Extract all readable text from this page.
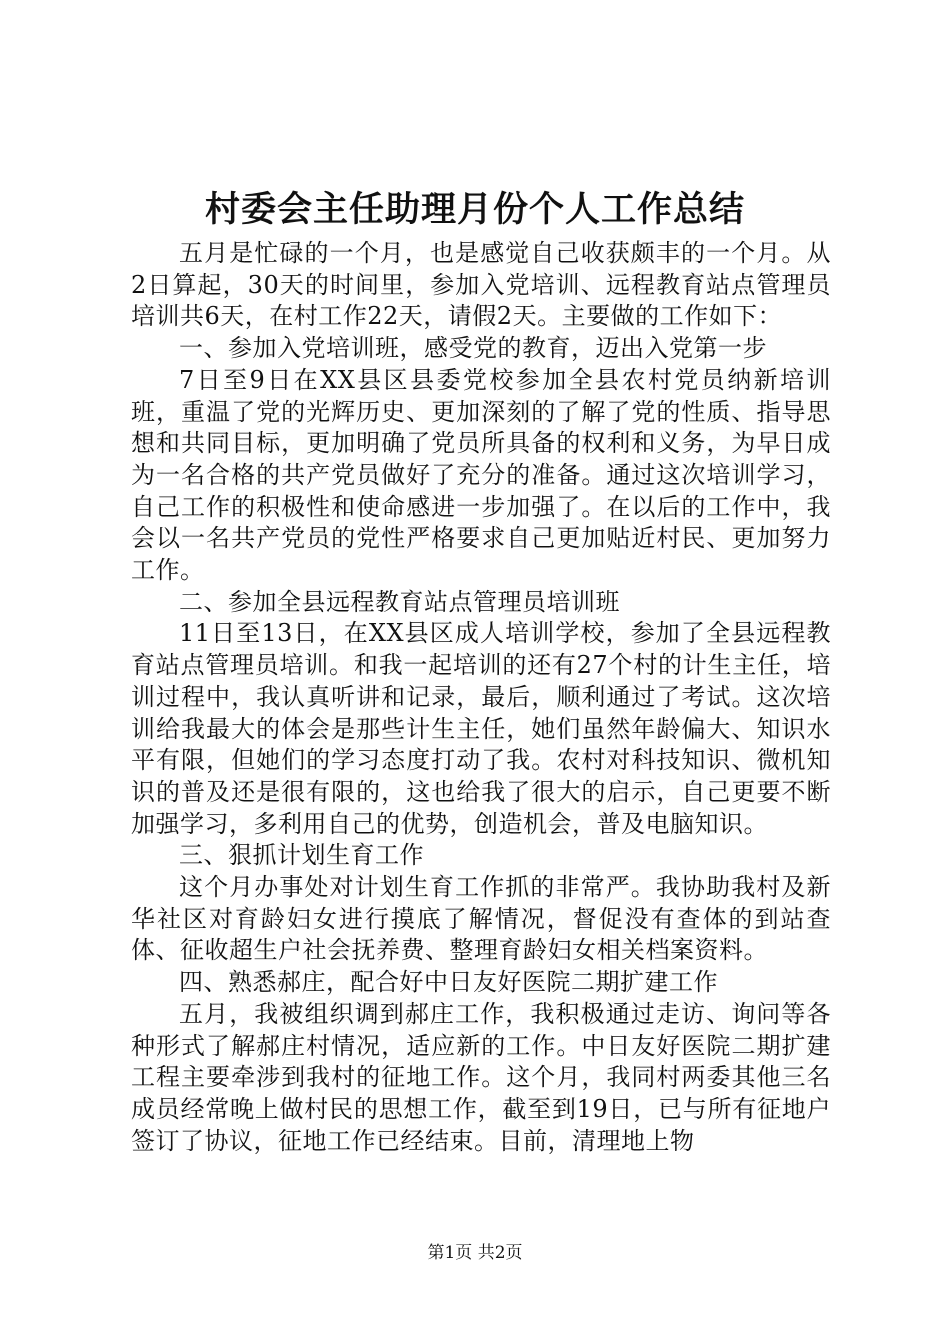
村委会主任助理月份个人工作总结

五月是忙碌的一个月，也是感觉自己收获颇丰的一个月。从2日算起，30天的时间里，参加入党培训、远程教育站点管理员培训共6天，在村工作22天，请假2天。主要做的工作如下：

一、参加入党培训班，感受党的教育，迈出入党第一步

7日至9日在XX县区县委党校参加全县农村党员纳新培训班，重温了党的光辉历史、更加深刻的了解了党的性质、指导思想和共同目标，更加明确了党员所具备的权利和义务，为早日成为一名合格的共产党员做好了充分的准备。通过这次培训学习，自己工作的积极性和使命感进一步加强了。在以后的工作中，我会以一名共产党员的党性严格要求自己更加贴近村民、更加努力工作。

二、参加全县远程教育站点管理员培训班

11日至13日，在XX县区成人培训学校，参加了全县远程教育站点管理员培训。和我一起培训的还有27个村的计生主任，培训过程中，我认真听讲和记录，最后，顺利通过了考试。这次培训给我最大的体会是那些计生主任，她们虽然年龄偏大、知识水平有限，但她们的学习态度打动了我。农村对科技知识、微机知识的普及还是很有限的，这也给我了很大的启示，自己更要不断加强学习，多利用自己的优势，创造机会，普及电脑知识。

三、狠抓计划生育工作

这个月办事处对计划生育工作抓的非常严。我协助我村及新华社区对育龄妇女进行摸底了解情况，督促没有查体的到站查体、征收超生户社会抚养费、整理育龄妇女相关档案资料。

四、熟悉郝庄，配合好中日友好医院二期扩建工作

五月，我被组织调到郝庄工作，我积极通过走访、询问等各种形式了解郝庄村情况，适应新的工作。中日友好医院二期扩建工程主要牵涉到我村的征地工作。这个月，我同村两委其他三名成员经常晚上做村民的思想工作，截至到19日，已与所有征地户签订了协议，征地工作已经结束。目前，清理地上物

第1页 共2页
